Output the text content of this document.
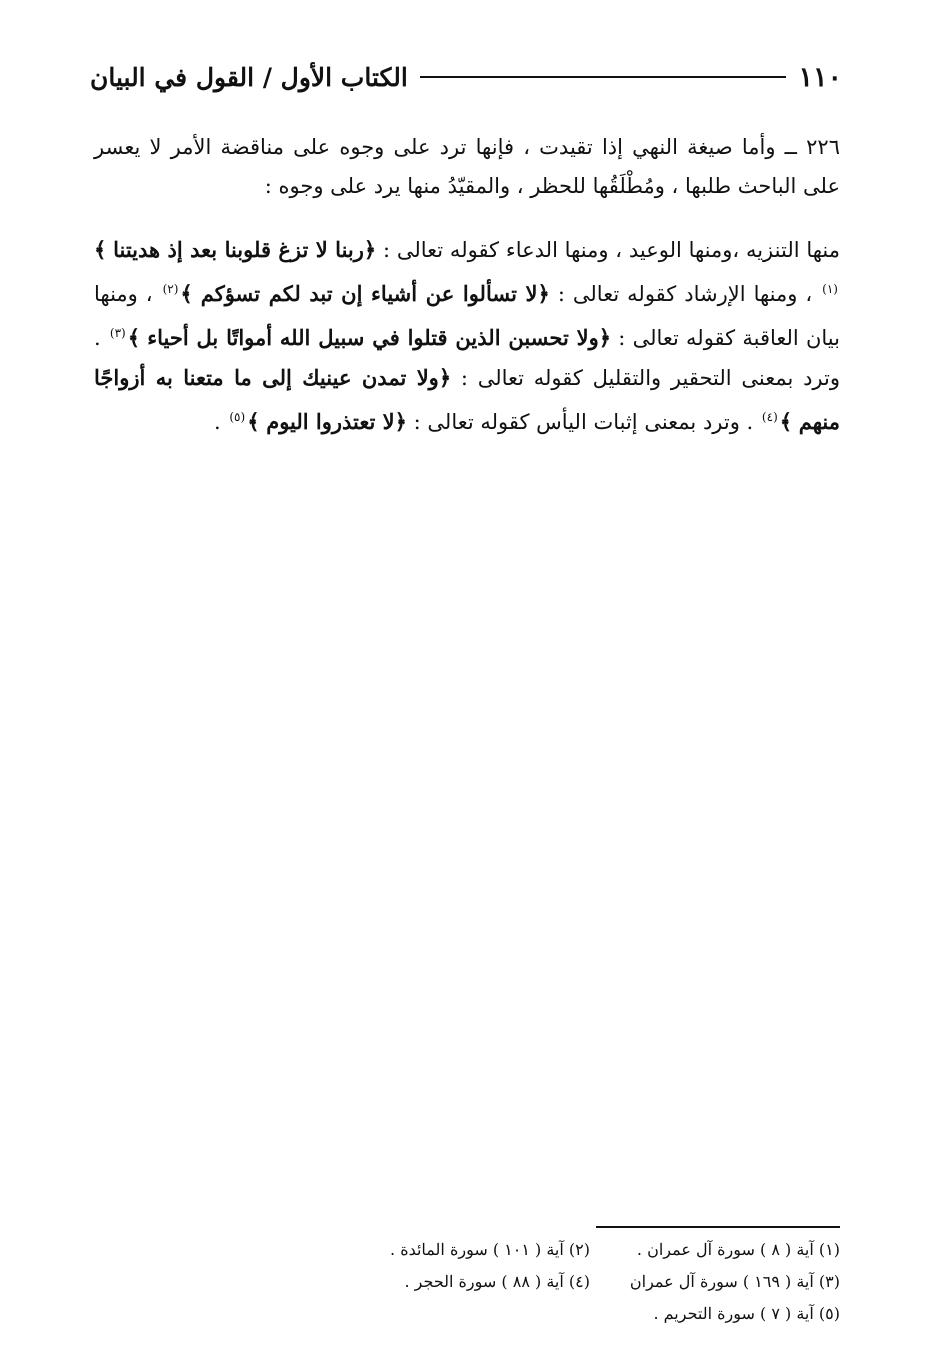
١١٠
الكتاب الأول / القول في البيان
٢٢٦ ــ وأما صيغة النهي إذا تقيدت ، فإنها ترد على وجوه على مناقضة الأمر لا يعسر على الباحث طلبها ، ومُطْلَقُها للحظر ، والمقيّدُ منها يرد على وجوه :
منها التنزيه ،ومنها الوعيد ، ومنها الدعاء كقوله تعالى : ﴿ربنا لا تزغ قلوبنا بعد إذ هديتنا ﴾$^{(١)}$ ، ومنها الإرشاد كقوله تعالى : ﴿لا تسألوا عن أشياء إن تبد لكم تسؤكم ﴾$^{(٢)}$ ، ومنها بيان العاقبة كقوله تعالى : ﴿ولا تحسبن الذين قتلوا في سبيل الله أمواتًا بل أحياء ﴾$^{(٣)}$ . وترد بمعنى التحقير والتقليل كقوله تعالى : ﴿ولا تمدن عينيك إلى ما متعنا به أزواجًا منهم ﴾$^{(٤)}$ . وترد بمعنى إثبات اليأس كقوله تعالى : ﴿لا تعتذروا اليوم ﴾$^{(٥)}$ .
(١) آية ( ٨ ) سورة آل عمران .
(٢) آية ( ١٠١ ) سورة المائدة .
(٣) آية ( ١٦٩ ) سورة آل عمران
(٤) آية ( ٨٨ ) سورة الحجر .
(٥) آية ( ٧ ) سورة التحريم .
